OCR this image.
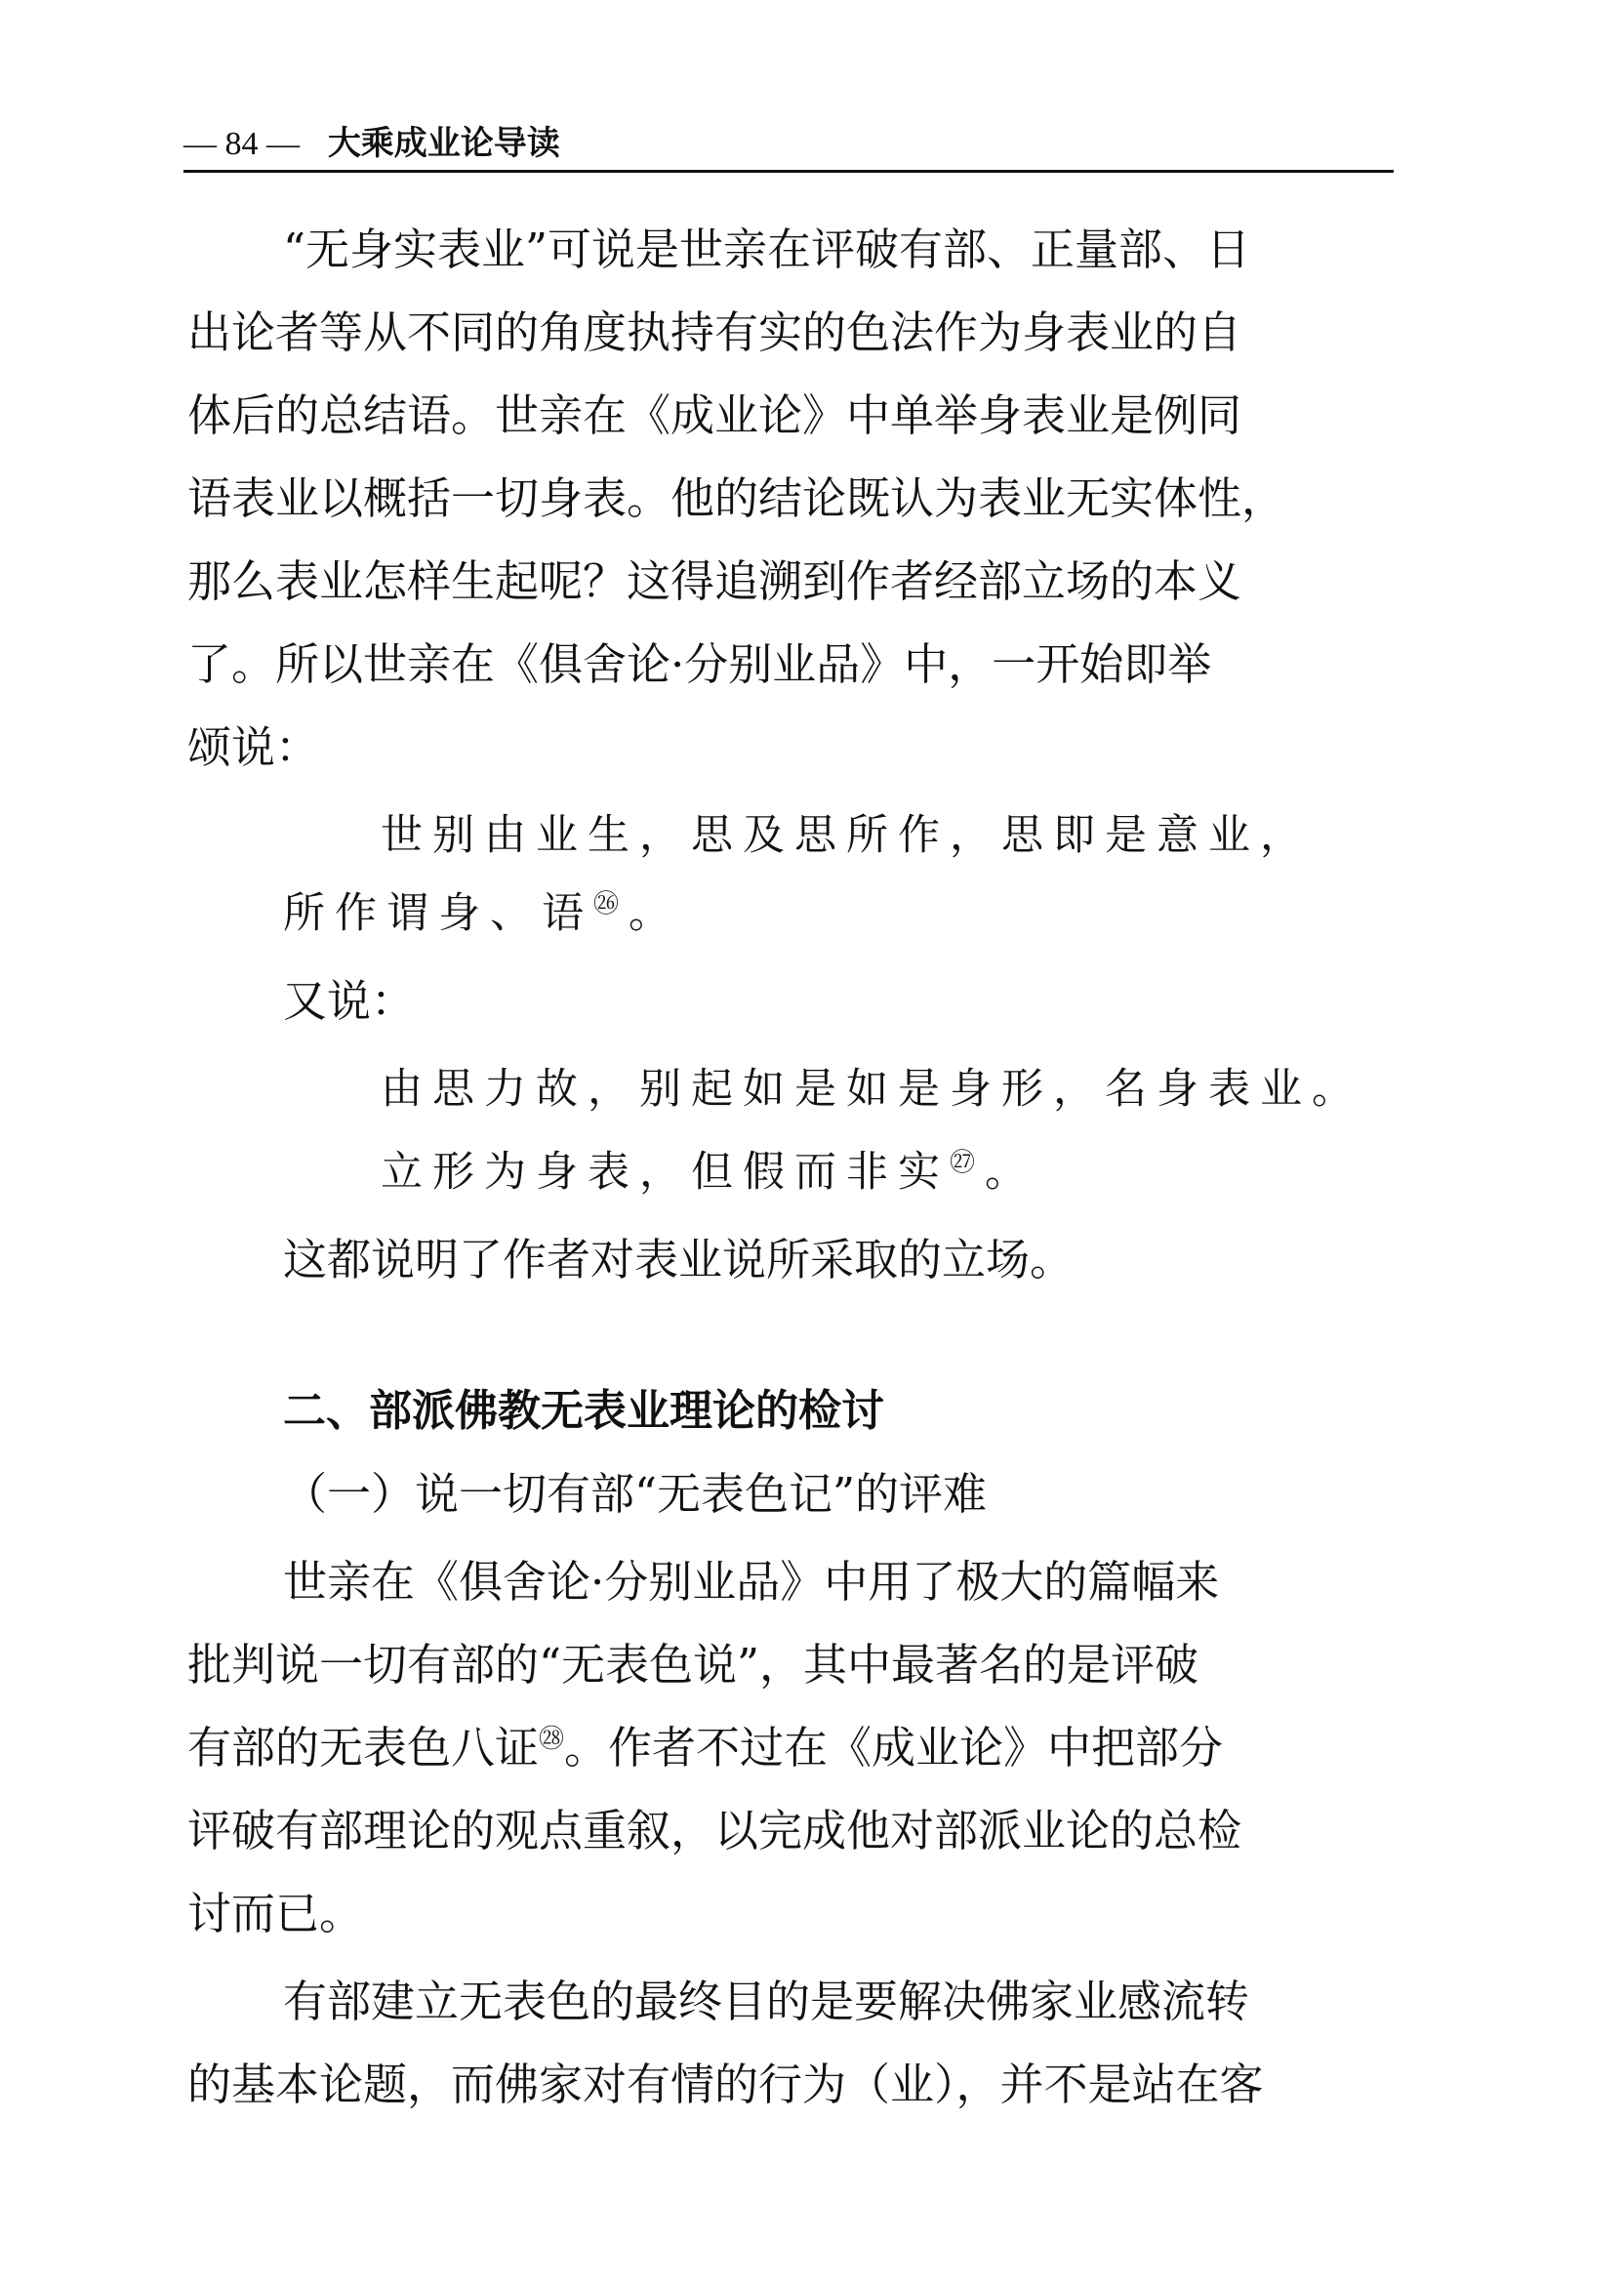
— 84 — 大乘成业论导读
“无身实表业”可说是世亲在评破有部、正量部、日
出论者等从不同的角度执持有实的色法作为身表业的自
体后的总结语。世亲在《成业论》中单举身表业是例同
语表业以概括一切身表。他的结论既认为表业无实体性，
那么表业怎样生起呢？这得追溯到作者经部立场的本义
了。所以世亲在《俱舍论·分别业品》中，一开始即举
颂说：
世别由业生，思及思所作，思即是意业，
所作谓身、语$^㉖$。
又说：
由思力故，别起如是如是身形，名身表业。
立形为身表，但假而非实$^㉗$。
这都说明了作者对表业说所采取的立场。
二、部派佛教无表业理论的检讨
（一）说一切有部“无表色记”的评难
世亲在《俱舍论·分别业品》中用了极大的篇幅来
批判说一切有部的“无表色说”，其中最著名的是评破
有部的无表色八证$^㉘$。作者不过在《成业论》中把部分
评破有部理论的观点重叙，以完成他对部派业论的总检
讨而已。
有部建立无表色的最终目的是要解决佛家业感流转
的基本论题，而佛家对有情的行为（业），并不是站在客
